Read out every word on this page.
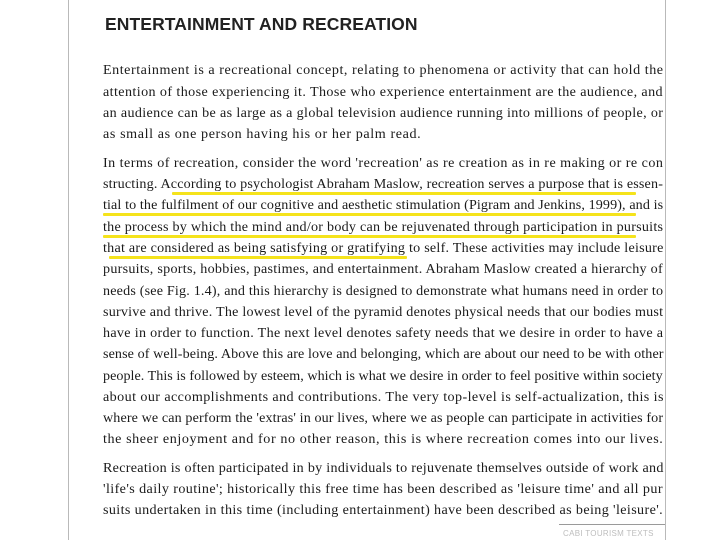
ENTERTAINMENT AND RECREATION
Entertainment is a recreational concept, relating to phenomena or activity that can hold the
attention of those experiencing it. Those who experience entertainment are the audience, and
an audience can be as large as a global television audience running into millions of people, or
as small as one person having his or her palm read.
In terms of recreation, consider the word 'recreation' as re creation as in re making or re con
structing. According to psychologist Abraham Maslow, recreation serves a purpose that is essen-
tial to the fulfilment of our cognitive and aesthetic stimulation (Pigram and Jenkins, 1999), and is
the process by which the mind and/or body can be rejuvenated through participation in pursuits
that are considered as being satisfying or gratifying to self. These activities may include leisure
pursuits, sports, hobbies, pastimes, and entertainment. Abraham Maslow created a hierarchy of
needs (see Fig. 1.4), and this hierarchy is designed to demonstrate what humans need in order to
survive and thrive. The lowest level of the pyramid denotes physical needs that our bodies must
have in order to function. The next level denotes safety needs that we desire in order to have a
sense of well-being. Above this are love and belonging, which are about our need to be with other
people. This is followed by esteem, which is what we desire in order to feel positive within society
about our accomplishments and contributions. The very top-level is self-actualization, this is
where we can perform the 'extras' in our lives, where we as people can participate in activities for
the sheer enjoyment and for no other reason, this is where recreation comes into our lives.
Recreation is often participated in by individuals to rejuvenate themselves outside of work and
'life's daily routine'; historically this free time has been described as 'leisure time' and all pur
suits undertaken in this time (including entertainment) have been described as being 'leisure'.
CABI TOURISM TEXTS
